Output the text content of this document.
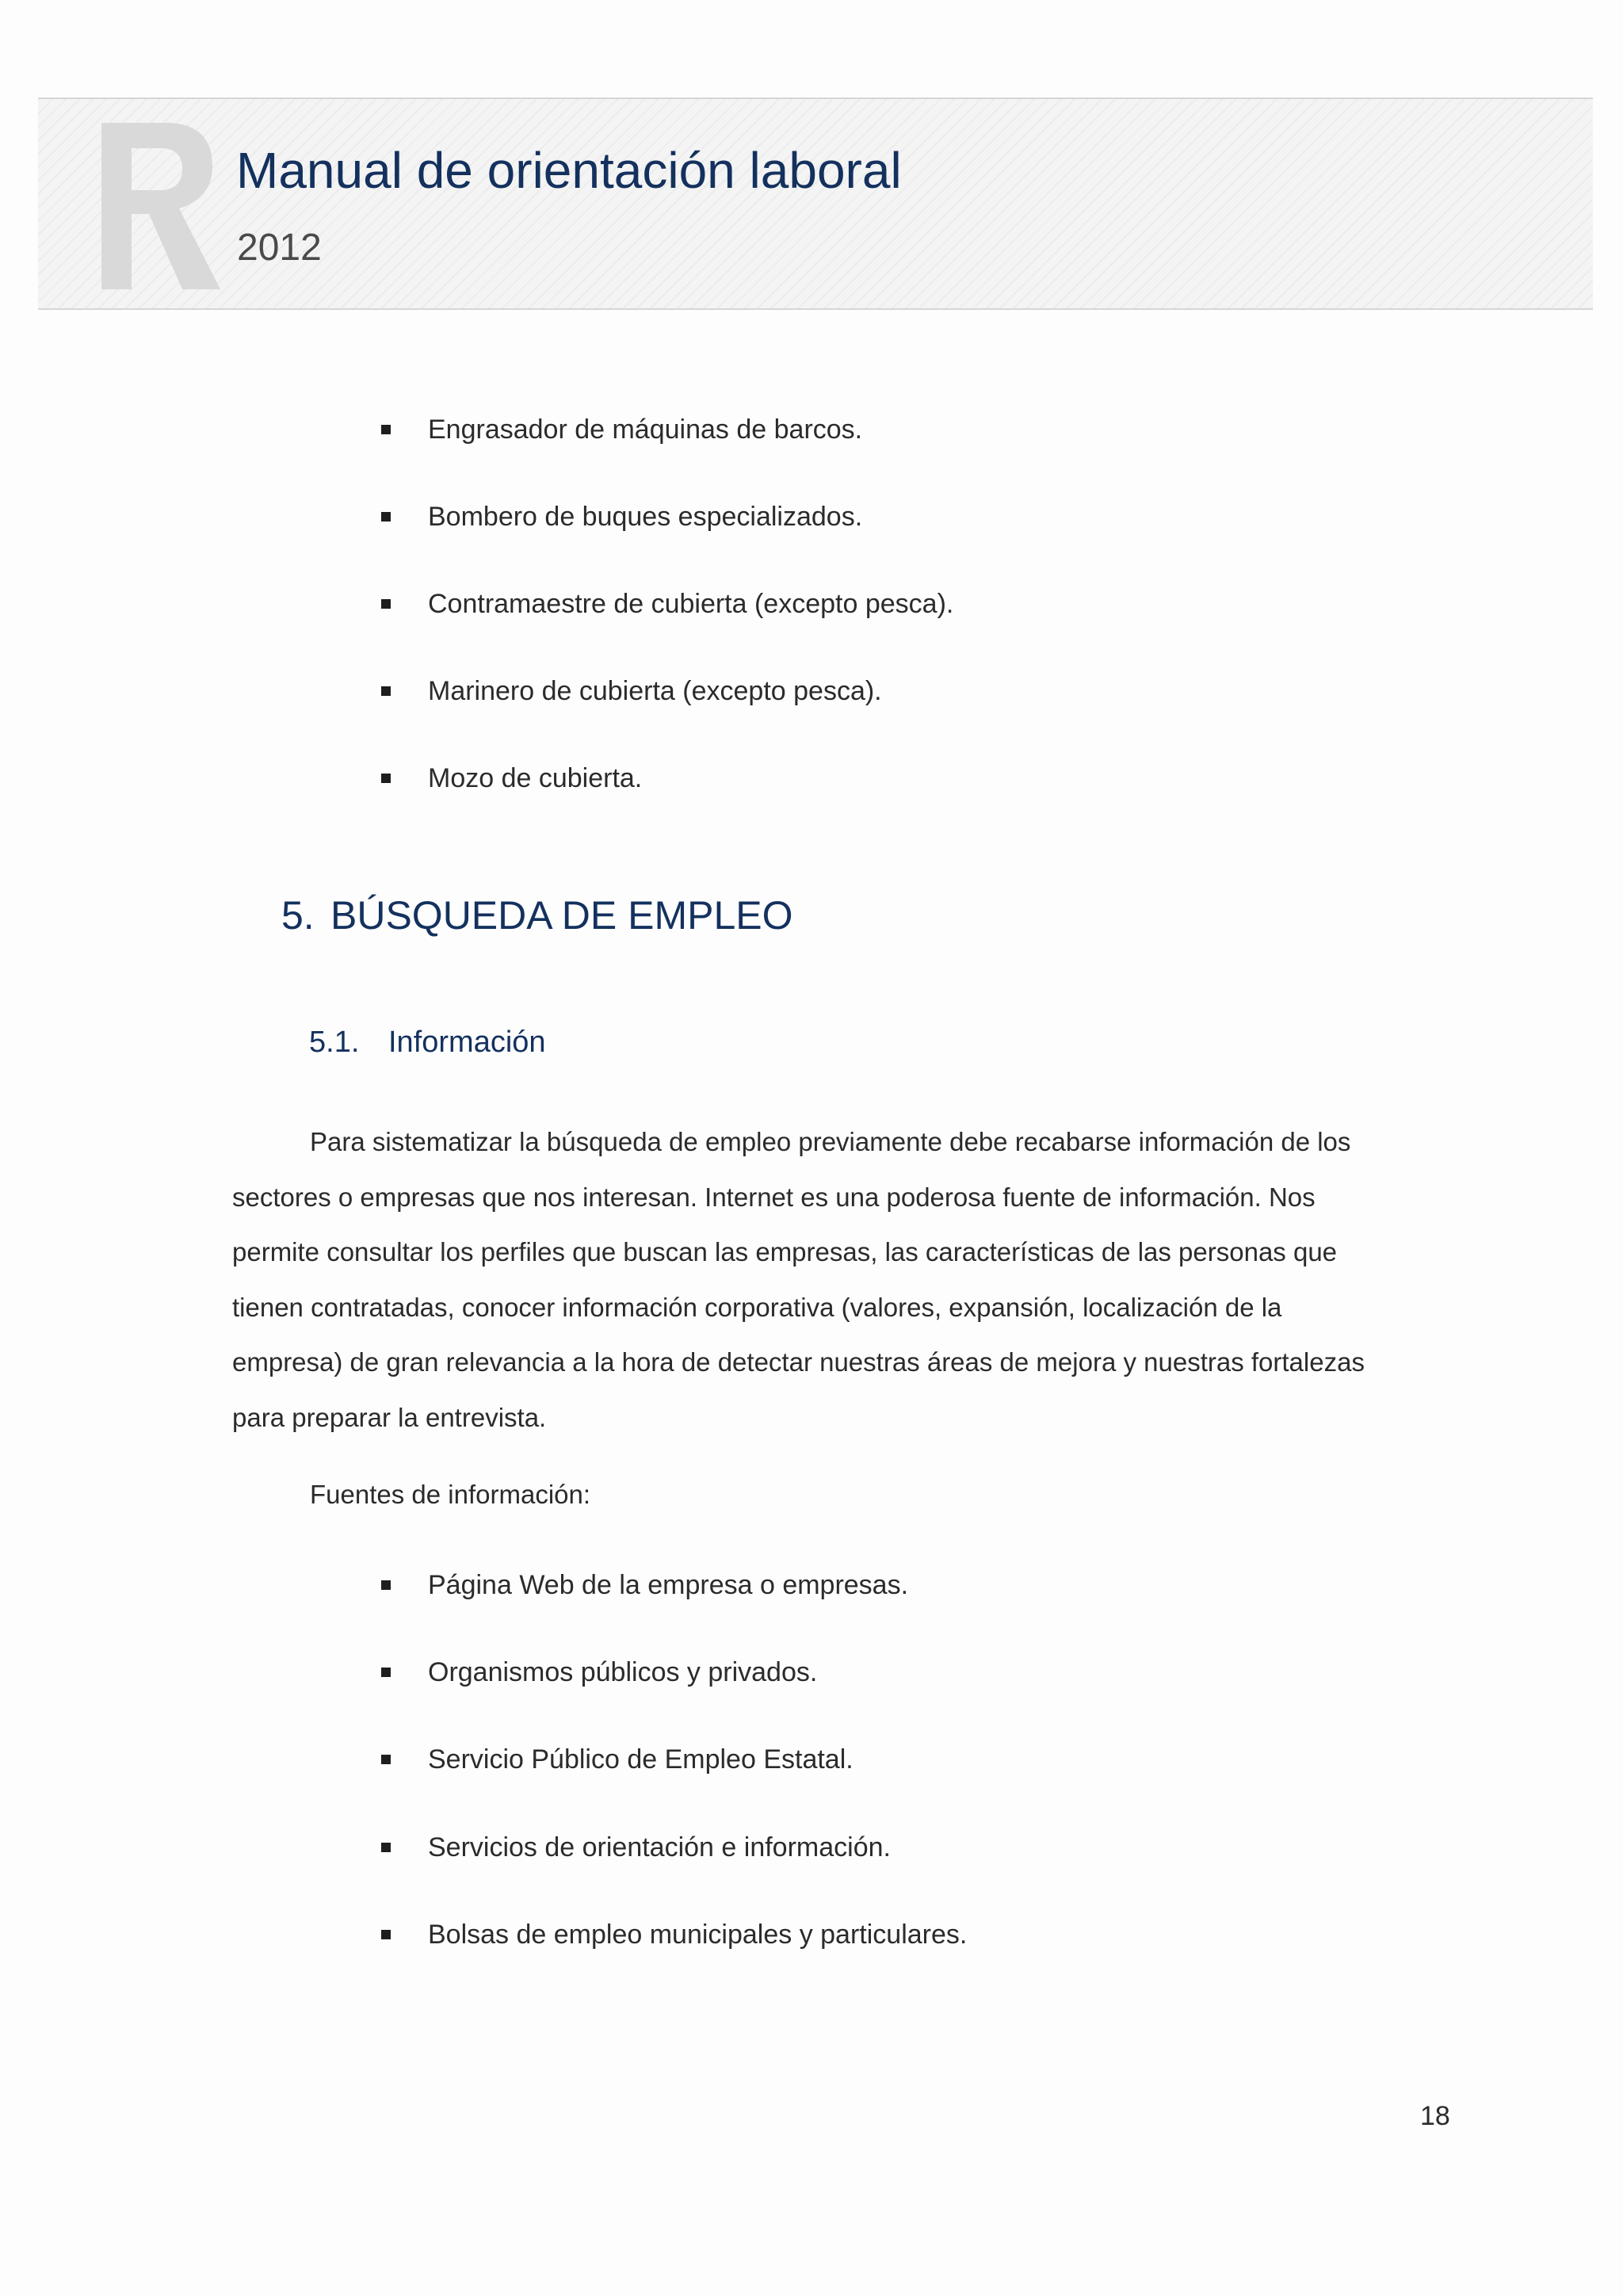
Manual de orientación laboral
2012
Engrasador de máquinas de barcos.
Bombero de buques especializados.
Contramaestre de cubierta (excepto pesca).
Marinero de cubierta (excepto pesca).
Mozo de cubierta.
5. BÚSQUEDA DE EMPLEO
5.1. Información

Para sistematizar la búsqueda de empleo previamente debe recabarse información de los
sectores o empresas que nos interesan. Internet es una poderosa fuente de información. Nos
permite consultar los perfiles que buscan las empresas, las características de las personas que
tienen contratadas, conocer información corporativa (valores, expansión, localización de la
empresa) de gran relevancia a la hora de detectar nuestras áreas de mejora y nuestras fortalezas
para preparar la entrevista.

Fuentes de información:
Página Web de la empresa o empresas.
Organismos públicos y privados.
Servicio Público de Empleo Estatal.
Servicios de orientación e información.
Bolsas de empleo municipales y particulares.
18
